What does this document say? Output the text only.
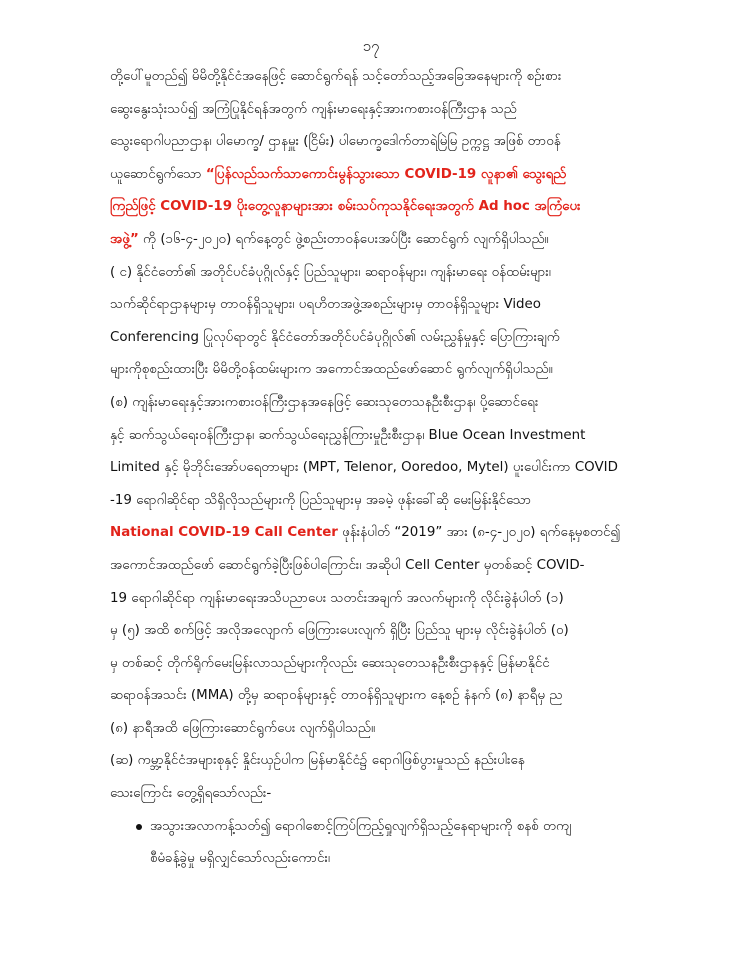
၁၇
တို့ပေါ်မူတည်၍ မိမိတို့နိုင်ငံအနေဖြင့် ဆောင်ရွက်ရန် သင့်တော်သည့်အခြေအနေများကို စဉ်းစား
ဆွေးနွေးသုံးသပ်၍ အကြံပြုနိုင်ရန်အတွက် ကျန်းမာရေးနှင့်အားကစားဝန်ကြီးဌာန သည်
သွေးရောဂါပညာဌာန၊ ပါမောက္ခ/ ဌာနမှူး (ငြိမ်း) ပါမောက္ခဒေါက်တာရဲမြဲမြ ဥက္ကဋ္ဌ အဖြစ် တာဝန်
ယူဆောင်ရွက်သော “ပြန်လည်သက်သာကောင်းမွန်သွားသော COVID-19 လူနာ၏ သွေးရည်
ကြည်ဖြင့် COVID-19 ပိုးတွေ့လူနာများအား စမ်းသပ်ကုသနိုင်ရေးအတွက် Ad hoc အကြံပေး
အဖွဲ့” ကို (၁၆-၄-၂၀၂၀) ရက်နေ့တွင် ဖွဲ့စည်းတာဝန်ပေးအပ်ပြီး ဆောင်ရွက် လျက်ရှိပါသည်။
( င) နိုင်ငံတော်၏ အတိုင်ပင်ခံပုဂ္ဂိုလ်နှင့် ပြည်သူများ၊ ဆရာဝန်များ၊ ကျန်းမာရေး ဝန်ထမ်းများ၊
သက်ဆိုင်ရာဌာနများမှ တာဝန်ရှိသူများ၊ ပရဟိတအဖွဲ့အစည်းများမှ တာဝန်ရှိသူများ Video
Conferencing ပြုလုပ်ရာတွင် နိုင်ငံတော်အတိုင်ပင်ခံပုဂ္ဂိုလ်၏ လမ်းညွှန်မှုနှင့် ပြောကြားချက်
များကိုစုစည်းထားပြီး မိမိတို့ဝန်ထမ်းများက အကောင်အထည်ဖော်ဆောင် ရွက်လျက်ရှိပါသည်။
(စ) ကျန်းမာရေးနှင့်အားကစားဝန်ကြီးဌာနအနေဖြင့် ဆေးသုတေသနဦးစီးဌာန၊ ပို့ဆောင်ရေး
နှင့် ဆက်သွယ်ရေးဝန်ကြီးဌာန၊ ဆက်သွယ်ရေးညွှန်ကြားမှုဦးစီးဌာန၊ Blue Ocean Investment
Limited နှင့် မိုဘိုင်းအော်ပရေတာများ (MPT, Telenor, Ooredoo, Mytel) ပူးပေါင်းကာ COVID
-19 ရောဂါဆိုင်ရာ သိရှိလိုသည်များကို ပြည်သူများမှ အခမဲ့ ဖုန်းခေါ်ဆို မေးမြန်းနိုင်သော
National COVID-19 Call Center ဖုန်းနံပါတ် “2019” အား (၈-၄-၂၀၂၀) ရက်နေ့မှစတင်၍
အကောင်အထည်ဖော် ဆောင်ရွက်ခဲ့ပြီးဖြစ်ပါကြောင်း၊ အဆိုပါ Cell Center မှတစ်ဆင့် COVID-
19 ရောဂါဆိုင်ရာ ကျန်းမာရေးအသိပညာပေး သတင်းအချက် အလက်များကို လိုင်းခွဲနံပါတ် (၁)
မှ (၅) အထိ စက်ဖြင့် အလိုအလျောက် ဖြေကြားပေးလျက် ရှိပြီး ပြည်သူ များမှ လိုင်းခွဲနံပါတ် (၀)
မှ တစ်ဆင့် တိုက်ရိုက်မေးမြန်းလာသည်များကိုလည်း ဆေးသုတေသနဦးစီးဌာနနှင့် မြန်မာနိုင်ငံ
ဆရာဝန်အသင်း (MMA) တို့မှ ဆရာဝန်များနှင့် တာဝန်ရှိသူများက နေ့စဉ် နံနက် (၈) နာရီမှ ည
(၈) နာရီအထိ ဖြေကြားဆောင်ရွက်ပေး လျက်ရှိပါသည်။
(ဆ) ကမ္ဘာ့နိုင်ငံအများစုနှင့် နှိုင်းယှဉ်ပါက မြန်မာနိုင်ငံ၌ ရောဂါဖြစ်ပွားမှုသည် နည်းပါးနေ
သေးကြောင်း တွေ့ရှိရသော်လည်း-
အသွားအလာကန့်သတ်၍ ရောဂါစောင့်ကြပ်ကြည့်ရှုလျက်ရှိသည့်နေရာများကို စနစ် တကျ
စီမံခန့်ခွဲမှု မရှိလျှင်သော်လည်းကောင်း၊
